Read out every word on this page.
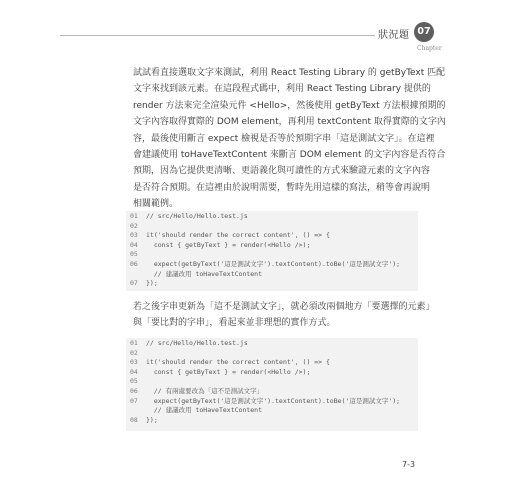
狀況題 07
Chapter
試試看直接選取文字來測試，利用 React Testing Library 的 getByText 匹配
文字來找到該元素。在這段程式碼中，利用 React Testing Library 提供的
render 方法來完全渲染元件 <Hello>，然後使用 getByText 方法根據預期的
文字內容取得實際的 DOM element，再利用 textContent 取得實際的文字內
容，最後使用斷言 expect 檢視是否等於預期字串「這是測試文字」。在這裡
會建議使用 toHaveTextContent 來斷言 DOM element 的文字內容是否符合
預期，因為它提供更清晰、更語義化與可讀性的方式來驗證元素的文字內容
是否符合預期。在這裡由於說明需要，暫時先用這樣的寫法，稍等會再說明
相關範例。
01	// src/Hello/Hello.test.js
02
03	it('should render the correct content', () => {
04	const { getByText } = render(<Hello />);
05
06	expect(getByText('這是測試文字').textContent).toBe('這是測試文字');
// 建議改用 toHaveTextContent
07	});
若之後字串更新為「這不是測試文字」，就必須改兩個地方「要選擇的元素」
與「要比對的字串」，看起來並非理想的實作方式。
01	// src/Hello/Hello.test.js
02
03	it('should render the correct content', () => {
04	const { getByText } = render(<Hello />);
05
06	// 有兩處要改為「這不是測試文字」
07	expect(getByText('這是測試文字').textContent).toBe('這是測試文字');
// 建議改用 toHaveTextContent
08	});
7-3
